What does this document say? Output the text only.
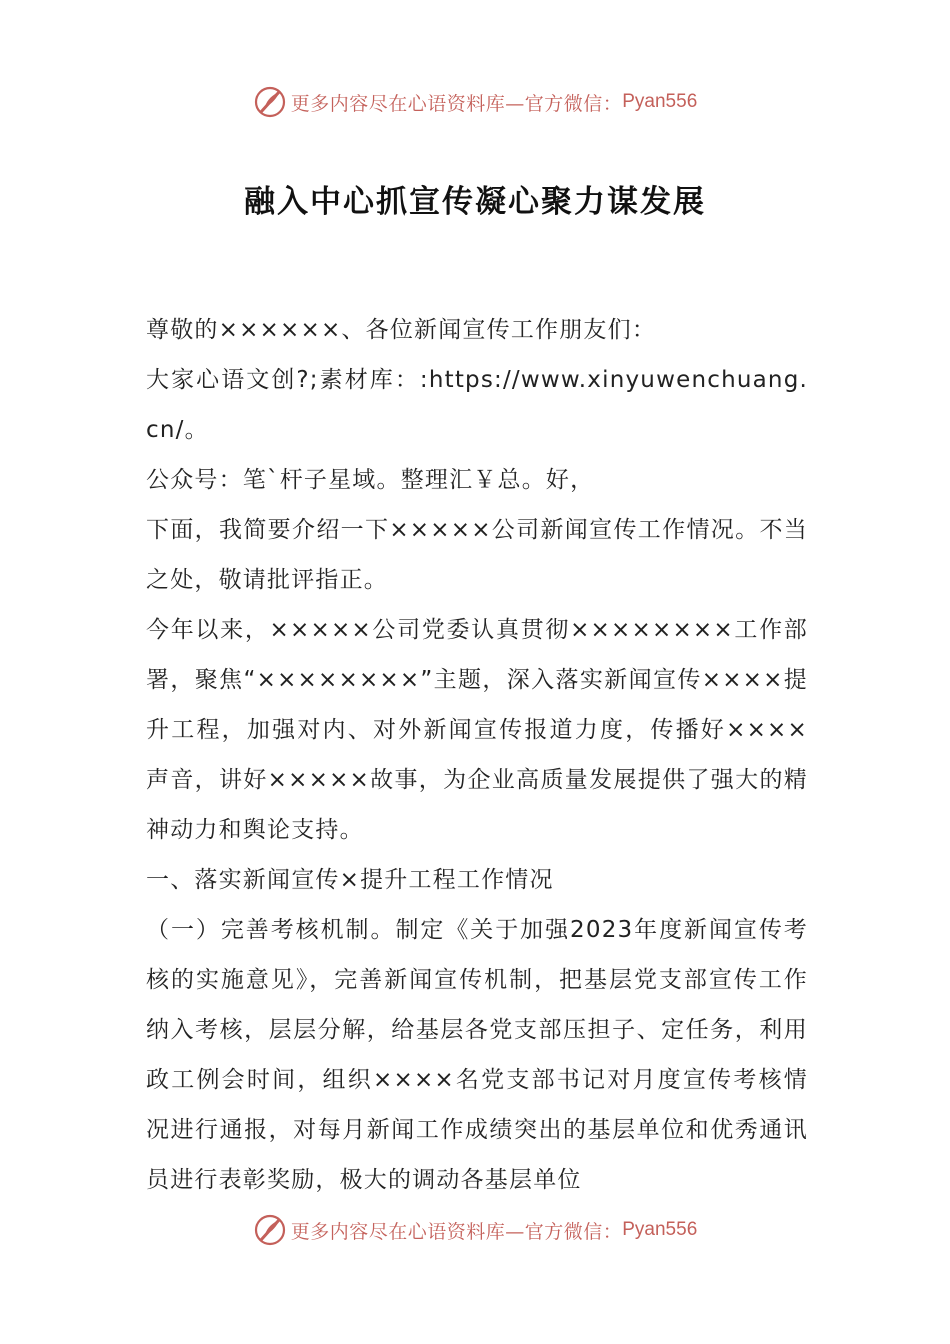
更多内容尽在心语资料库—官方微信： Pyan556
融入中心抓宣传凝心聚力谋发展

尊敬的××××××、各位新闻宣传工作朋友们：

大家心语文创?;素材库：:https://www.xinyuwenchuang.cn/。

公众号：笔`杆子星域。整理汇￥总。好，

下面，我简要介绍一下×××××公司新闻宣传工作情况。不当之处，敬请批评指正。

今年以来，×××××公司党委认真贯彻××××××××工作部署，聚焦“××××××××”主题，深入落实新闻宣传××××提升工程，加强对内、对外新闻宣传报道力度，传播好××××声音，讲好×××××故事，为企业高质量发展提供了强大的精神动力和舆论支持。

一、落实新闻宣传×提升工程工作情况

（一）完善考核机制。制定《关于加强2023年度新闻宣传考核的实施意见》，完善新闻宣传机制，把基层党支部宣传工作纳入考核，层层分解，给基层各党支部压担子、定任务，利用政工例会时间，组织××××名党支部书记对月度宣传考核情况进行通报，对每月新闻工作成绩突出的基层单位和优秀通讯员进行表彰奖励，极大的调动各基层单位

更多内容尽在心语资料库—官方微信： Pyan556
